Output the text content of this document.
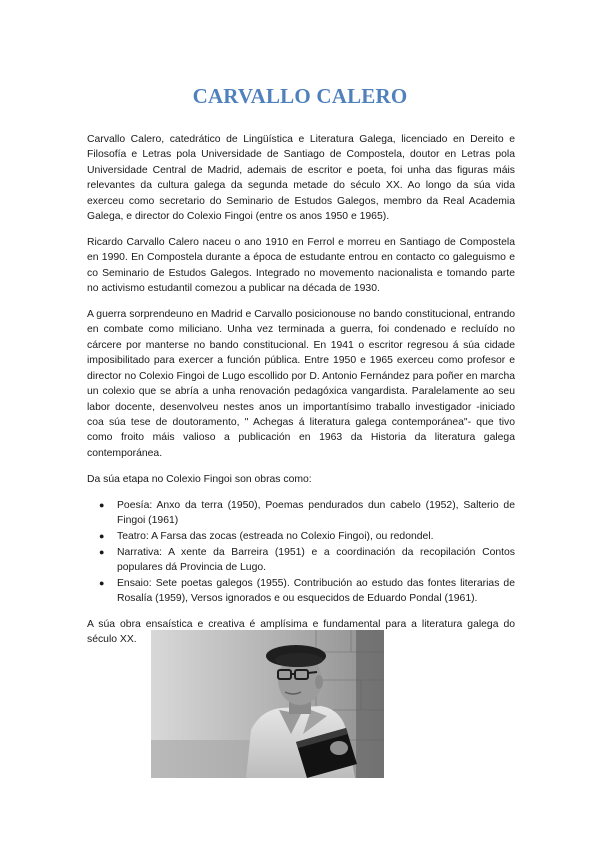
CARVALLO CALERO

Carvallo Calero, catedrático de Lingüística e Literatura Galega, licenciado en Dereito e Filosofía e Letras pola Universidade de Santiago de Compostela, doutor en Letras pola Universidade Central de Madrid, ademais de escritor e poeta, foi unha das figuras máis relevantes da cultura galega da segunda metade do século XX. Ao longo da súa vida exerceu como secretario do Seminario de Estudos Galegos, membro da Real Academia Galega, e director do Colexio Fingoi (entre os anos 1950 e 1965).

Ricardo Carvallo Calero naceu o ano 1910 en Ferrol e morreu en Santiago de Compostela en 1990. En Compostela durante a época de estudante entrou en contacto co galeguismo e co Seminario de Estudos Galegos. Integrado no movemento nacionalista e tomando parte no activismo estudantil comezou a publicar na década de 1930.

A guerra sorprendeuno en Madrid e Carvallo posicionouse no bando constitucional, entrando en combate como miliciano. Unha vez terminada a guerra, foi condenado e recluído no cárcere por manterse no bando constitucional. En 1941 o escritor regresou á súa cidade imposibilitado para exercer a función pública. Entre 1950 e 1965 exerceu como profesor e director no Colexio Fingoi de Lugo escollido por D. Antonio Fernández para poñer en marcha un colexio que se abría a unha renovación pedagóxica vangardista. Paralelamente ao seu labor docente, desenvolveu nestes anos un importantísimo traballo investigador -iniciado coa súa tese de doutoramento, " Achegas á literatura galega contemporánea"- que tivo como froito máis valioso a publicación en 1963 da Historia da literatura galega contemporánea.

Da súa etapa no Colexio Fingoi son obras como:

● Poesía: Anxo da terra (1950), Poemas pendurados dun cabelo (1952), Salterio de Fingoi (1961)
● Teatro: A Farsa das zocas (estreada no Colexio Fingoi), ou redondel.
● Narrativa: A xente da Barreira (1951) e a coordinación da recopilación Contos populares dá Provincia de Lugo.
● Ensaio: Sete poetas galegos (1955). Contribución ao estudo das fontes literarias de Rosalía (1959), Versos ignorados e ou esquecidos de Eduardo Pondal (1961).

A súa obra ensaística e creativa é amplísima e fundamental para a literatura galega do século XX.
